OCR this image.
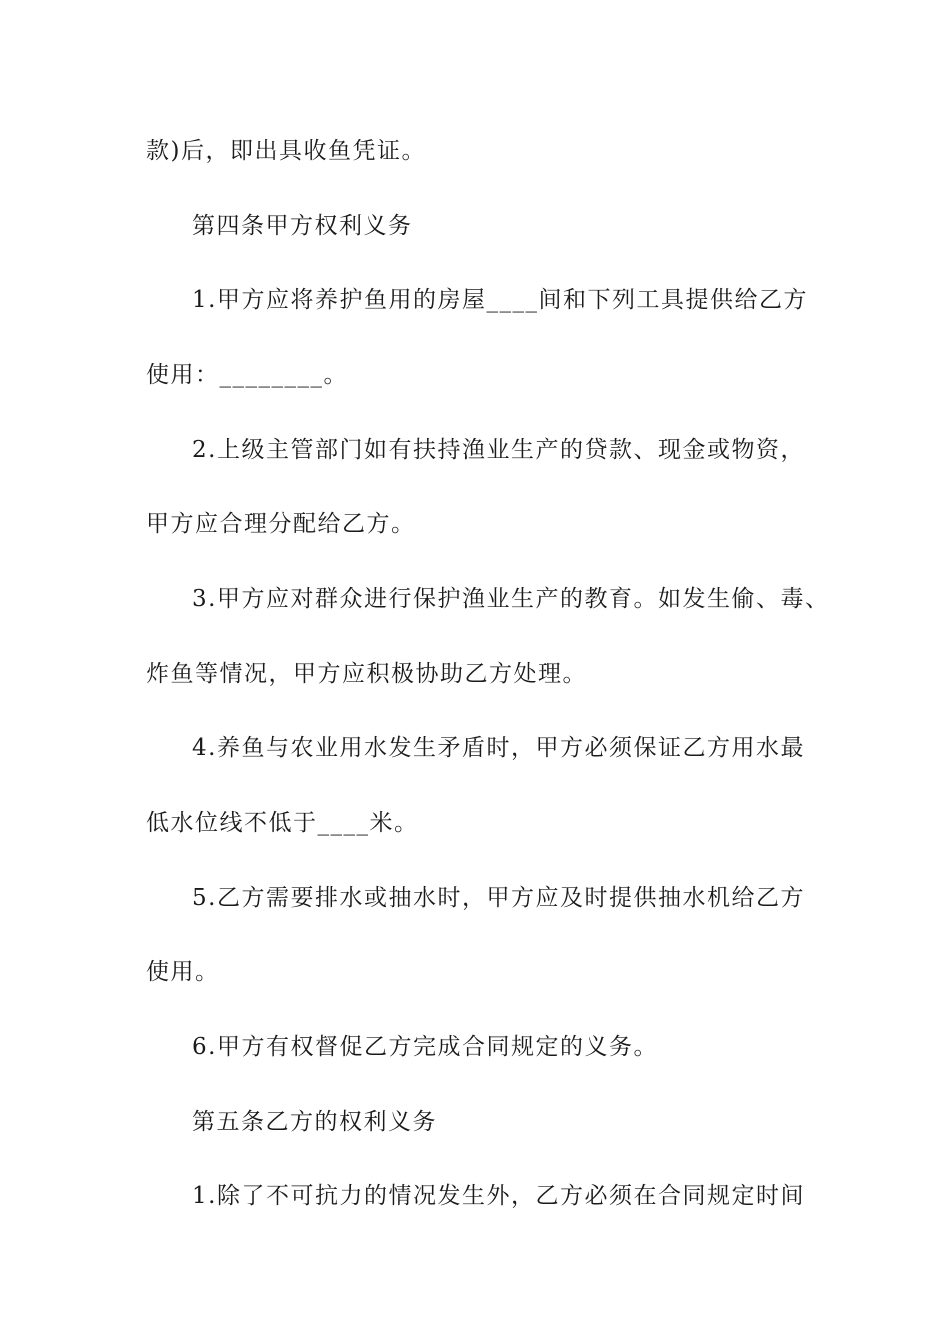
款)后，即出具收鱼凭证。
第四条甲方权利义务
1.甲方应将养护鱼用的房屋____间和下列工具提供给乙方
使用：________。
2.上级主管部门如有扶持渔业生产的贷款、现金或物资，
甲方应合理分配给乙方。
3.甲方应对群众进行保护渔业生产的教育。如发生偷、毒、
炸鱼等情况，甲方应积极协助乙方处理。
4.养鱼与农业用水发生矛盾时，甲方必须保证乙方用水最
低水位线不低于____米。
5.乙方需要排水或抽水时，甲方应及时提供抽水机给乙方
使用。
6.甲方有权督促乙方完成合同规定的义务。
第五条乙方的权利义务
1.除了不可抗力的情况发生外，乙方必须在合同规定时间
